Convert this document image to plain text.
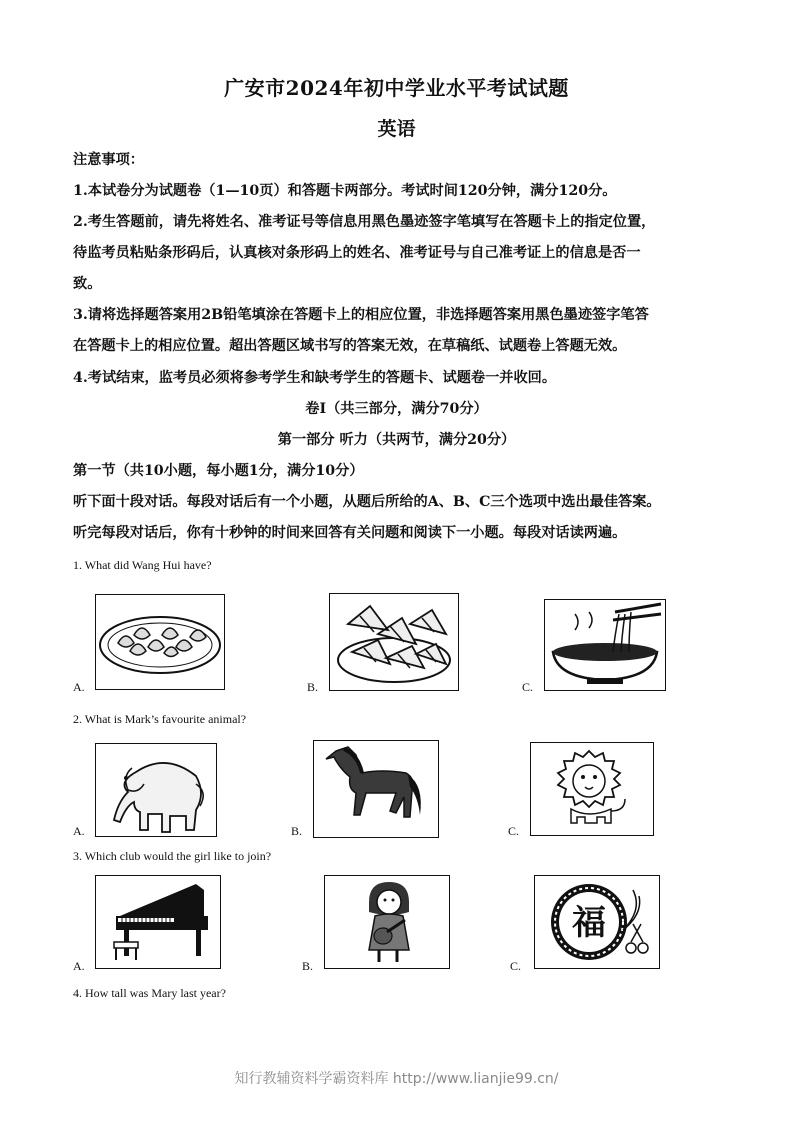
广安市2024年初中学业水平考试试题
英语
注意事项：
1.本试卷分为试题卷（1—10页）和答题卡两部分。考试时间120分钟，满分120分。
2.考生答题前，请先将姓名、准考证号等信息用黑色墨迹签字笔填写在答题卡上的指定位置，
待监考员粘贴条形码后，认真核对条形码上的姓名、准考证号与自己准考证上的信息是否一
致。
3.请将选择题答案用2B铅笔填涂在答题卡上的相应位置，非选择题答案用黑色墨迹签字笔答
在答题卡上的相应位置。超出答题区域书写的答案无效，在草稿纸、试题卷上答题无效。
4.考试结束，监考员必须将参考学生和缺考学生的答题卡、试题卷一并收回。
卷Ⅰ（共三部分，满分70分）
第一部分 听力（共两节，满分20分）
第一节（共10小题，每小题1分，满分10分）
听下面十段对话。每段对话后有一个小题，从题后所给的A、B、C三个选项中选出最佳答案。
听完每段对话后，你有十秒钟的时间来回答有关问题和阅读下一小题。每段对话读两遍。
1. What did Wang Hui have?
A.	B.	C.
2. What is Mark’s favourite animal?
A.	B.	C.
3. Which club would the girl like to join?
A.	B.	C.
福
4. How tall was Mary last year?
知行教辅资料学霸资料库 http://www.lianjie99.cn/
